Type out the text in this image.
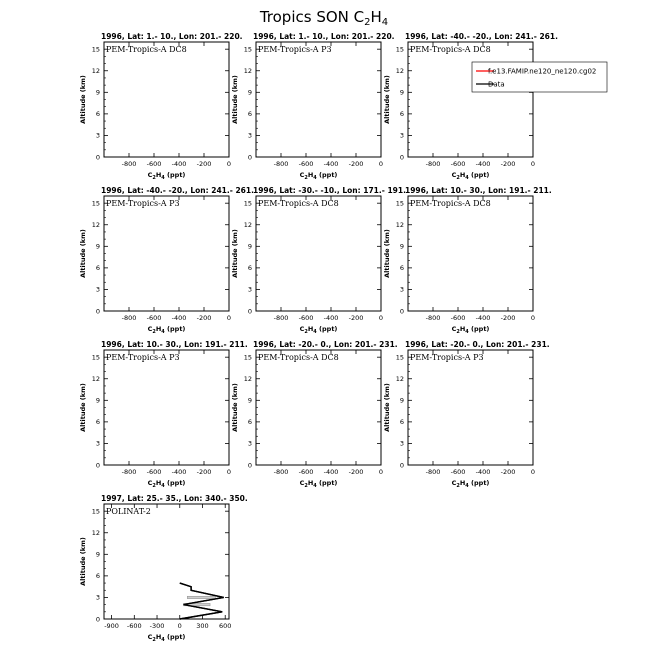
Tropics SON $C_2H_4$
1996, Lat: 1.- 10., Lon: 201.- 220.
PEM-Tropics-A DC8
0
3
6
9
12
15
-800 -600 -400 -200 0
Altitude (km)
$C_2H_4$ (ppt)
1996, Lat: 1.- 10., Lon: 201.- 220.
PEM-Tropics-A P3
0
3
6
9
12
15
-800 -600 -400 -200 0
Altitude (km)
$C_2H_4$ (ppt)
1996, Lat: -40.- -20., Lon: 241.- 261.
PEM-Tropics-A DC8
0
3
6
9
12
15
-800 -600 -400 -200 0
Altitude (km)
$C_2H_4$ (ppt)
1996, Lat: -40.- -20., Lon: 241.- 261.
PEM-Tropics-A P3
0
3
6
9
12
15
-800 -600 -400 -200 0
Altitude (km)
$C_2H_4$ (ppt)
1996, Lat: -30.- -10., Lon: 171.- 191.
PEM-Tropics-A DC8
0
3
6
9
12
15
-800 -600 -400 -200 0
Altitude (km)
$C_2H_4$ (ppt)
1996, Lat: 10.- 30., Lon: 191.- 211.
PEM-Tropics-A DC8
0
3
6
9
12
15
-800 -600 -400 -200 0
Altitude (km)
$C_2H_4$ (ppt)
1996, Lat: 10.- 30., Lon: 191.- 211.
PEM-Tropics-A P3
0
3
6
9
12
15
-800 -600 -400 -200 0
Altitude (km)
$C_2H_4$ (ppt)
1996, Lat: -20.- 0., Lon: 201.- 231.
PEM-Tropics-A DC8
0
3
6
9
12
15
-800 -600 -400 -200 0
Altitude (km)
$C_2H_4$ (ppt)
1996, Lat: -20.- 0., Lon: 201.- 231.
PEM-Tropics-A P3
0
3
6
9
12
15
-800 -600 -400 -200 0
Altitude (km)
$C_2H_4$ (ppt)
1997, Lat: 25.- 35., Lon: 340.- 350.
POLINAT-2
0
3
6
9
12
15
-900 -600 -300 0 300 600
Altitude (km)
$C_2H_4$ (ppt)
f.e13.FAMIP.ne120_ne120.cg02
Data
